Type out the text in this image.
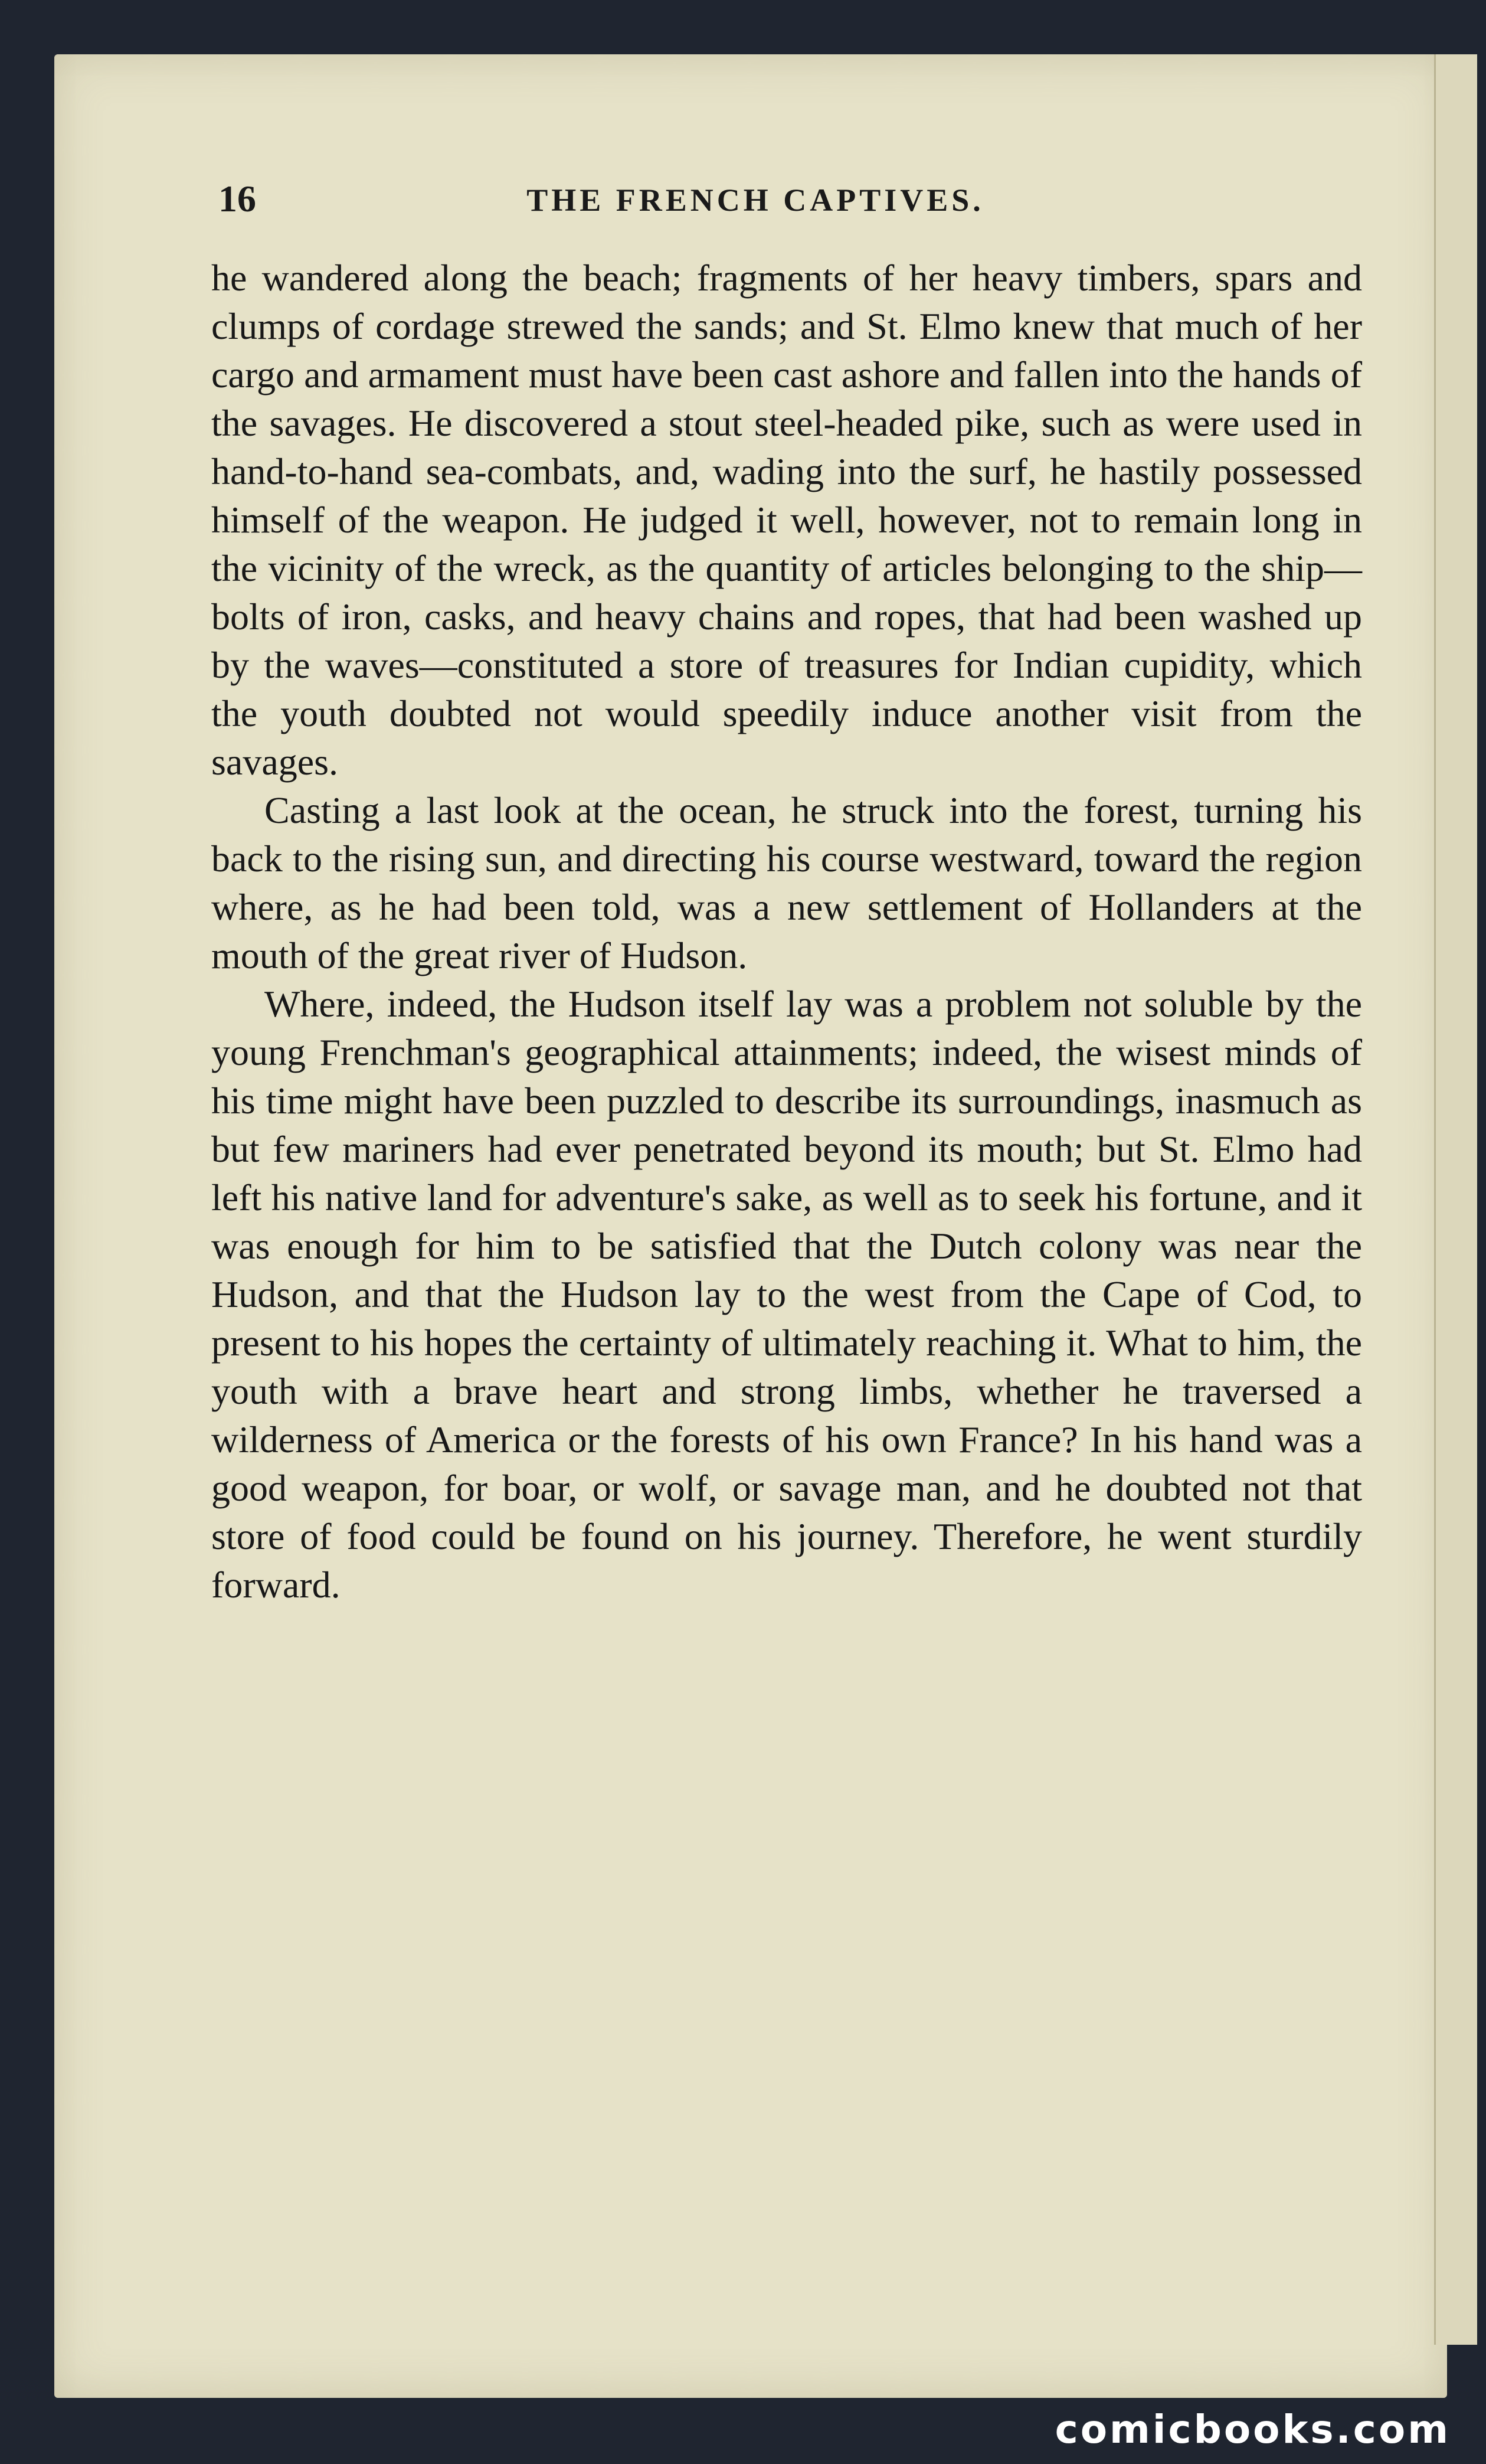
16	THE FRENCH CAPTIVES.

he wandered along the beach; fragments of her heavy timbers, spars and clumps of cordage strewed the sands; and St. Elmo knew that much of her cargo and armament must have been cast ashore and fallen into the hands of the savages. He discovered a stout steel-headed pike, such as were used in hand-to-hand sea-combats, and, wading into the surf, he hastily possessed himself of the weapon. He judged it well, however, not to remain long in the vicinity of the wreck, as the quantity of articles belonging to the ship—bolts of iron, casks, and heavy chains and ropes, that had been washed up by the waves—constituted a store of treasures for Indian cupidity, which the youth doubted not would speedily induce another visit from the savages.

Casting a last look at the ocean, he struck into the forest, turning his back to the rising sun, and directing his course westward, toward the region where, as he had been told, was a new settlement of Hollanders at the mouth of the great river of Hudson.

Where, indeed, the Hudson itself lay was a problem not soluble by the young Frenchman's geographical attainments; indeed, the wisest minds of his time might have been puzzled to describe its surroundings, inasmuch as but few mariners had ever penetrated beyond its mouth; but St. Elmo had left his native land for adventure's sake, as well as to seek his fortune, and it was enough for him to be satisfied that the Dutch colony was near the Hudson, and that the Hudson lay to the west from the Cape of Cod, to present to his hopes the certainty of ultimately reaching it. What to him, the youth with a brave heart and strong limbs, whether he traversed a wilderness of America or the forests of his own France? In his hand was a good weapon, for boar, or wolf, or savage man, and he doubted not that store of food could be found on his journey. Therefore, he went sturdily forward.

comicbooks.com
